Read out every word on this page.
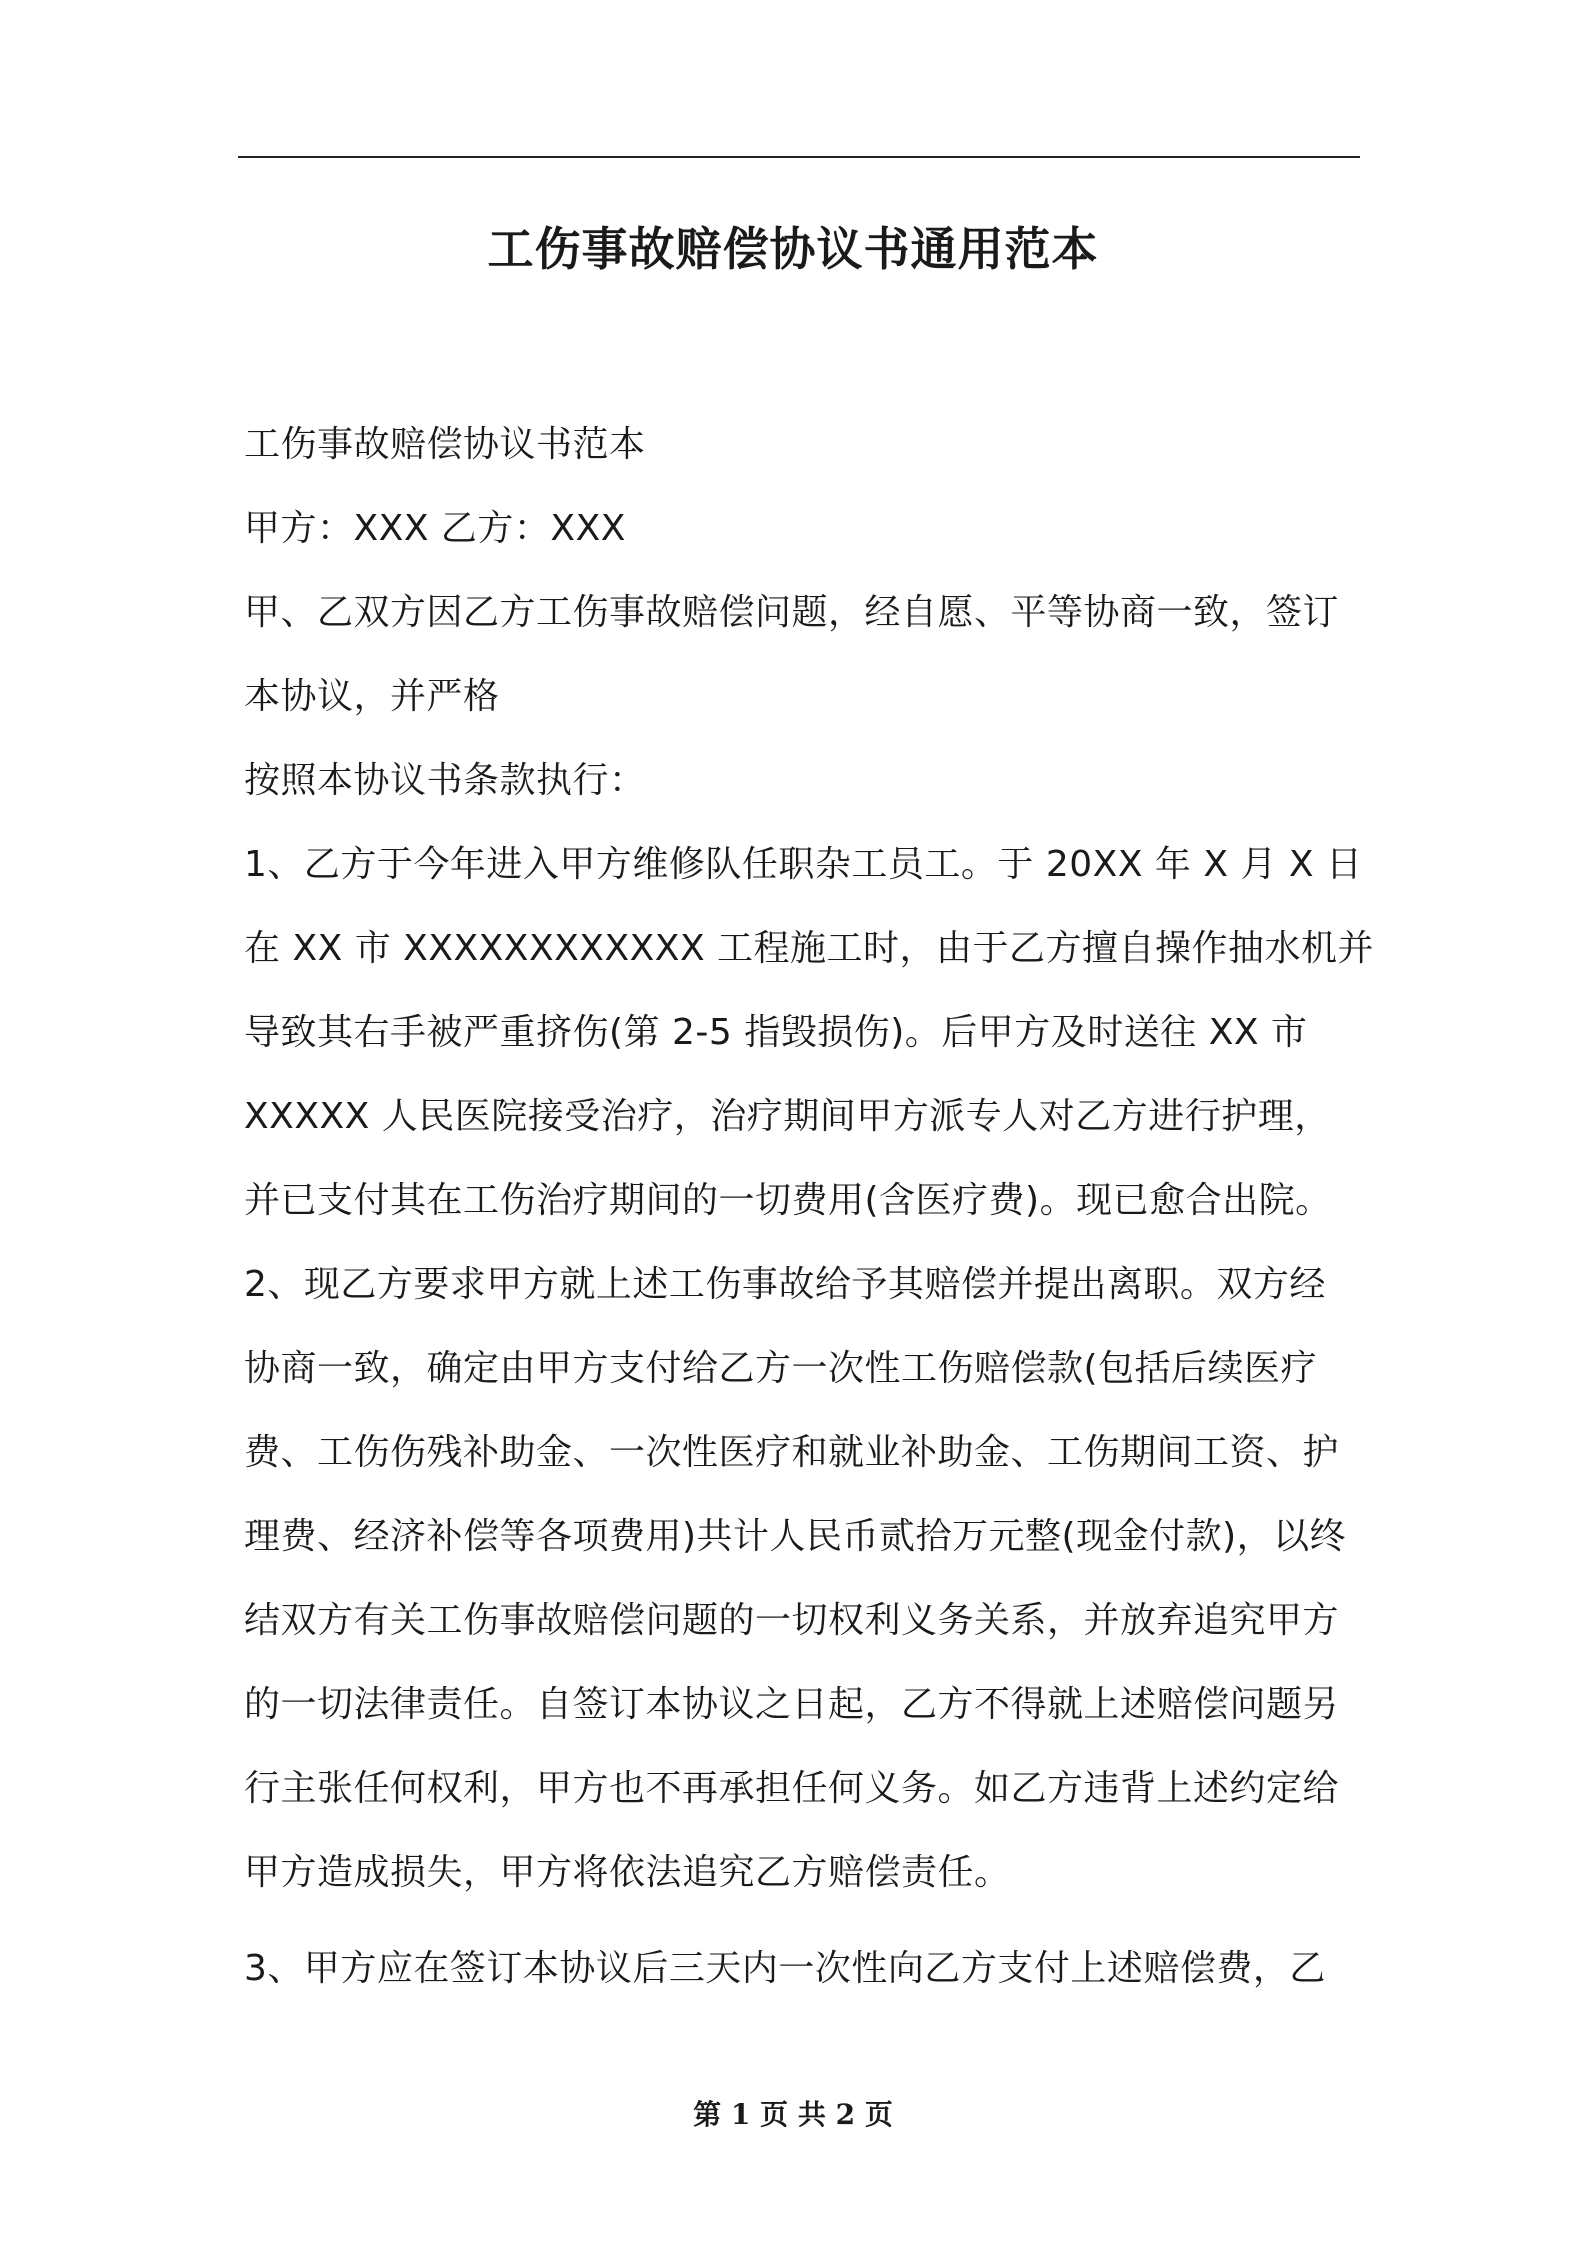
工伤事故赔偿协议书通用范本
工伤事故赔偿协议书范本
甲方：XXX 乙方：XXX
甲、乙双方因乙方工伤事故赔偿问题，经自愿、平等协商一致，签订
本协议，并严格
按照本协议书条款执行：
1、乙方于今年进入甲方维修队任职杂工员工。于 20XX 年 X 月 X 日
在 XX 市 XXXXXXXXXXXX 工程施工时，由于乙方擅自操作抽水机并
导致其右手被严重挤伤(第 2-5 指毁损伤)。后甲方及时送往 XX 市
XXXXX 人民医院接受治疗，治疗期间甲方派专人对乙方进行护理，
并已支付其在工伤治疗期间的一切费用(含医疗费)。现已愈合出院。
2、现乙方要求甲方就上述工伤事故给予其赔偿并提出离职。双方经
协商一致，确定由甲方支付给乙方一次性工伤赔偿款(包括后续医疗
费、工伤伤残补助金、一次性医疗和就业补助金、工伤期间工资、护
理费、经济补偿等各项费用)共计人民币贰拾万元整(现金付款)，以终
结双方有关工伤事故赔偿问题的一切权利义务关系，并放弃追究甲方
的一切法律责任。自签订本协议之日起，乙方不得就上述赔偿问题另
行主张任何权利，甲方也不再承担任何义务。如乙方违背上述约定给
甲方造成损失，甲方将依法追究乙方赔偿责任。
3、甲方应在签订本协议后三天内一次性向乙方支付上述赔偿费，乙
第 1 页 共 2 页
